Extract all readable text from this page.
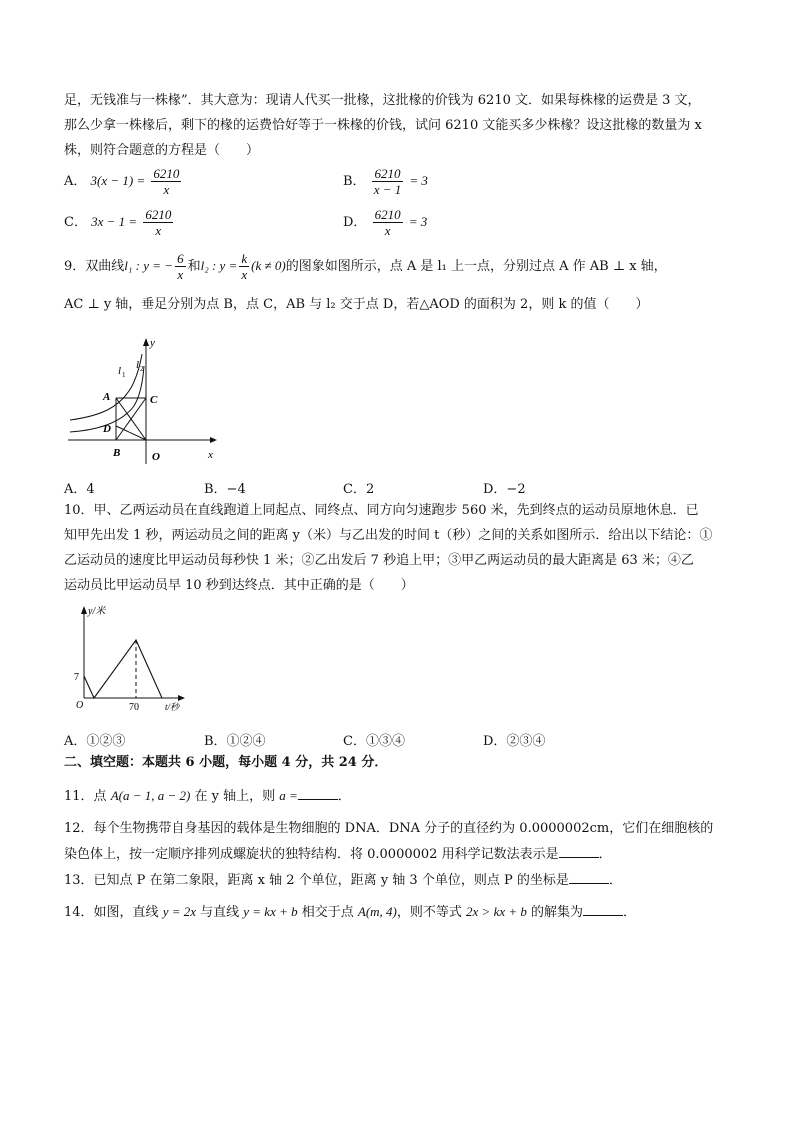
足，无钱准与一株椽”．其大意为：现请人代买一批椽，这批椽的价钱为 6210 文．如果每株椽的运费是 3 文，
那么少拿一株椽后，剩下的椽的运费恰好等于一株椽的价钱，试问 6210 文能买多少株椽？设这批椽的数量为 x
株，则符合题意的方程是（　　）
A． $3(x - 1) = \frac{6210}{x}$	B． $\frac{6210}{x - 1} = 3$
C． $3x - 1 = \frac{6210}{x}$	D． $\frac{6210}{x} = 3$
9．双曲线l₁ : y = − $\frac{6}{x}$ 和l₂ : $y = \frac{k}{x} (k \ne 0)$的图象如图所示，点 A 是 l₁ 上一点，分别过点 A 作 AB ⊥ x 轴，
AC ⊥ y 轴，垂足分别为点 B，点 C，AB 与 l₂ 交于点 D，若△AOD 的面积为 2，则 k 的值（　　）
y
x
l 1
l 2
A	C
D
B	O
A．4	B．−4	C．2	D．−2
10．甲、乙两运动员在直线跑道上同起点、同终点、同方向匀速跑步 560 米，先到终点的运动员原地休息．已
知甲先出发 1 秒，两运动员之间的距离 y（米）与乙出发的时间 t（秒）之间的关系如图所示．给出以下结论：①
乙运动员的速度比甲运动员每秒快 1 米；②乙出发后 7 秒追上甲；③甲乙两运动员的最大距离是 63 米；④乙
运动员比甲运动员早 10 秒到达终点．其中正确的是（　　）
y/米
t/秒
7
70
O
A．①②③	B．①②④	C．①③④	D．②③④
二、填空题：本题共 6 小题，每小题 4 分，共 24 分．
11．点 A(a − 1, a − 2) 在 y 轴上，则 a =	．
12．每个生物携带自身基因的载体是生物细胞的 DNA．DNA 分子的直径约为 0.0000002cm，它们在细胞核的
染色体上，按一定顺序排列成螺旋状的独特结构．将 0.0000002 用科学记数法表示是	．
13．已知点 P 在第二象限，距离 x 轴 2 个单位，距离 y 轴 3 个单位，则点 P 的坐标是	．
14．如图，直线 y = 2x 与直线 y = kx + b 相交于点 A(m, 4)，则不等式 2x > kx + b 的解集为	．
